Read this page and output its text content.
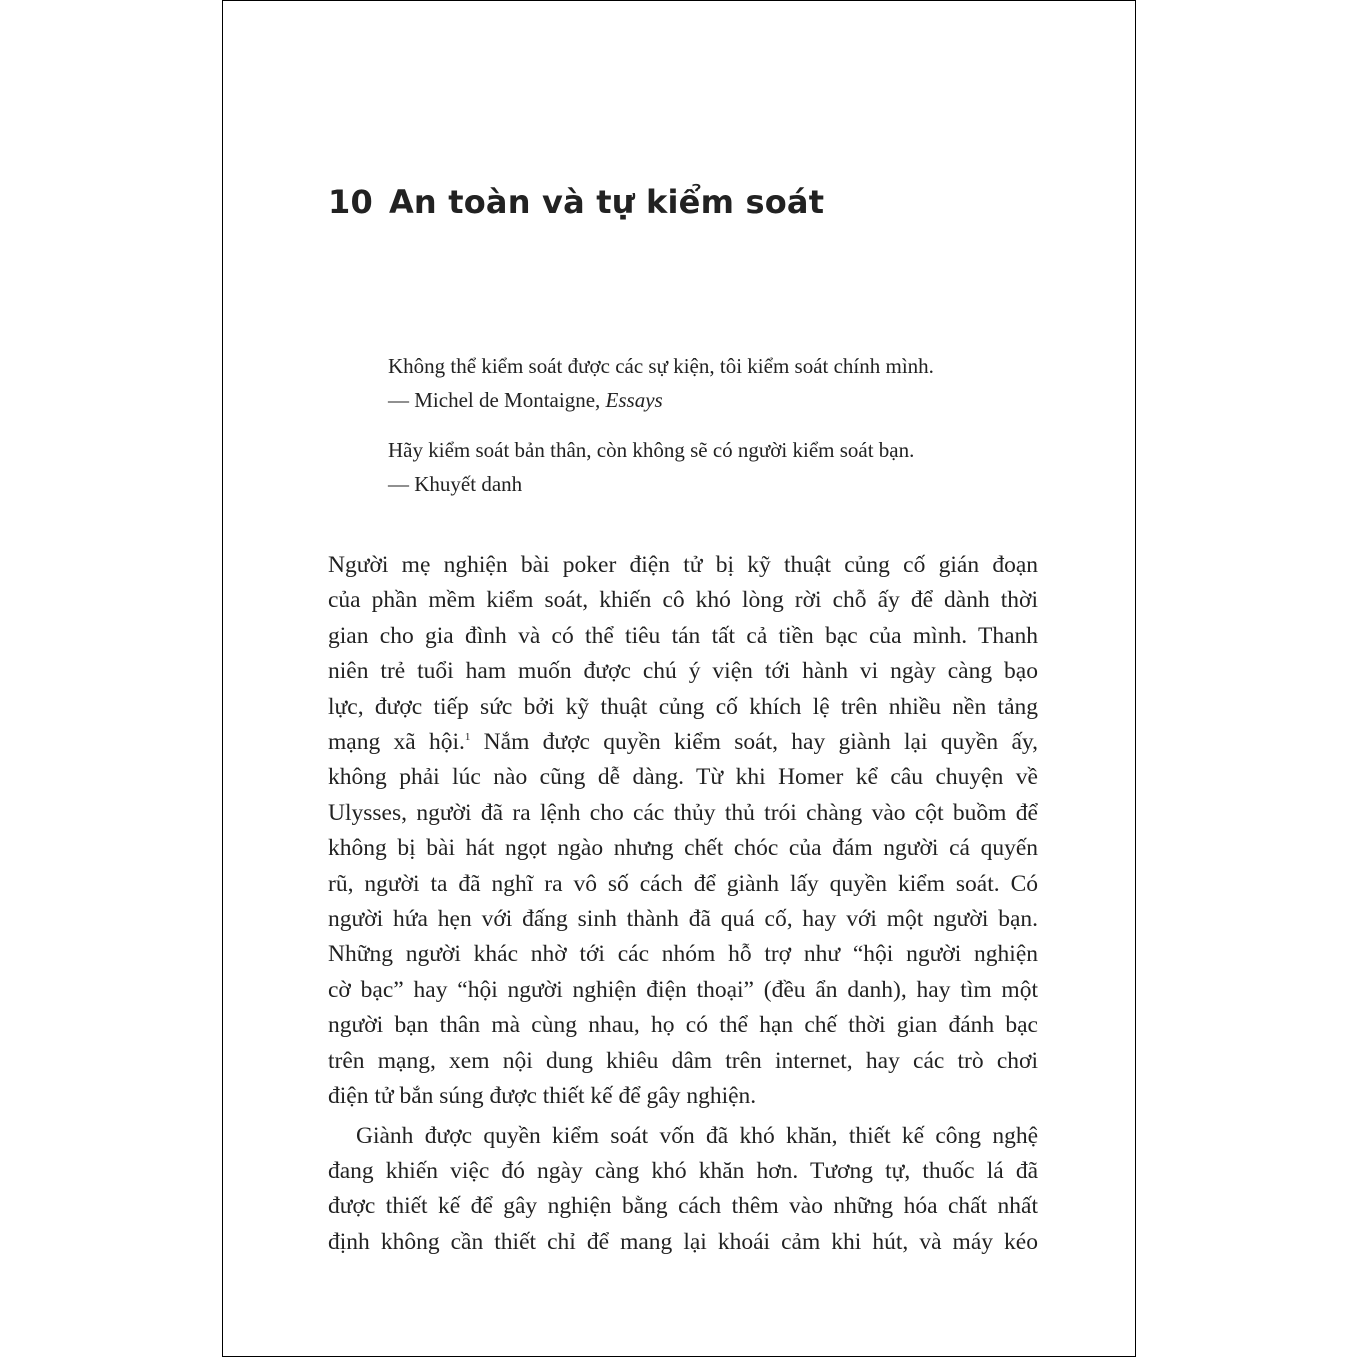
10 An toàn và tự kiểm soát

Không thể kiểm soát được các sự kiện, tôi kiểm soát chính mình.

— Michel de Montaigne, Essays

Hãy kiểm soát bản thân, còn không sẽ có người kiểm soát bạn.

— Khuyết danh

Người mẹ nghiện bài poker điện tử bị kỹ thuật củng cố gián đoạn
của phần mềm kiểm soát, khiến cô khó lòng rời chỗ ấy để dành thời
gian cho gia đình và có thể tiêu tán tất cả tiền bạc của mình. Thanh
niên trẻ tuổi ham muốn được chú ý viện tới hành vi ngày càng bạo
lực, được tiếp sức bởi kỹ thuật củng cố khích lệ trên nhiều nền tảng
mạng xã hội.$^1$ Nắm được quyền kiểm soát, hay giành lại quyền ấy,
không phải lúc nào cũng dễ dàng. Từ khi Homer kể câu chuyện về
Ulysses, người đã ra lệnh cho các thủy thủ trói chàng vào cột buồm để
không bị bài hát ngọt ngào nhưng chết chóc của đám người cá quyến
rũ, người ta đã nghĩ ra vô số cách để giành lấy quyền kiểm soát. Có
người hứa hẹn với đấng sinh thành đã quá cố, hay với một người bạn.
Những người khác nhờ tới các nhóm hỗ trợ như “hội người nghiện
cờ bạc” hay “hội người nghiện điện thoại” (đều ẩn danh), hay tìm một
người bạn thân mà cùng nhau, họ có thể hạn chế thời gian đánh bạc
trên mạng, xem nội dung khiêu dâm trên internet, hay các trò chơi
điện tử bắn súng được thiết kế để gây nghiện.

Giành được quyền kiểm soát vốn đã khó khăn, thiết kế công nghệ
đang khiến việc đó ngày càng khó khăn hơn. Tương tự, thuốc lá đã
được thiết kế để gây nghiện bằng cách thêm vào những hóa chất nhất
định không cần thiết chỉ để mang lại khoái cảm khi hút, và máy kéo
